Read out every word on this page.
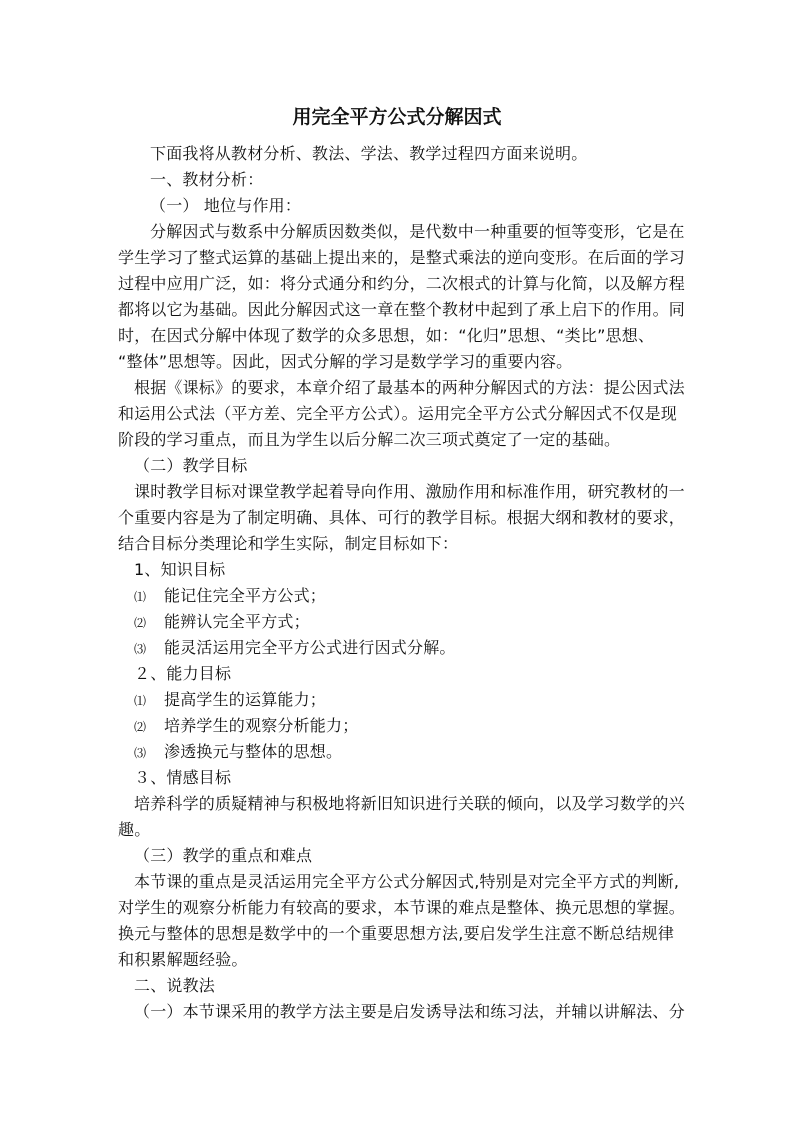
用完全平方公式分解因式
下面我将从教材分析、教法、学法、教学过程四方面来说明。
一、教材分析：
（一） 地位与作用：
分解因式与数系中分解质因数类似，是代数中一种重要的恒等变形，它是在
学生学习了整式运算的基础上提出来的，是整式乘法的逆向变形。在后面的学习
过程中应用广泛，如：将分式通分和约分，二次根式的计算与化简，以及解方程
都将以它为基础。因此分解因式这一章在整个教材中起到了承上启下的作用。同
时，在因式分解中体现了数学的众多思想，如：“化归”思想、“类比”思想、
“整体”思想等。因此，因式分解的学习是数学学习的重要内容。
根据《课标》的要求，本章介绍了最基本的两种分解因式的方法：提公因式法
和运用公式法（平方差、完全平方公式）。运用完全平方公式分解因式不仅是现
阶段的学习重点，而且为学生以后分解二次三项式奠定了一定的基础。
（二）教学目标
课时教学目标对课堂教学起着导向作用、激励作用和标准作用，研究教材的一
个重要内容是为了制定明确、具体、可行的教学目标。根据大纲和教材的要求，
结合目标分类理论和学生实际，制定目标如下：
1、知识目标
⑴ 能记住完全平方公式；
⑵ 能辨认完全平方式；
⑶ 能灵活运用完全平方公式进行因式分解。
２、能力目标
⑴ 提高学生的运算能力；
⑵ 培养学生的观察分析能力；
⑶ 渗透换元与整体的思想。
３、情感目标
培养科学的质疑精神与积极地将新旧知识进行关联的倾向，以及学习数学的兴
趣。
（三）教学的重点和难点
本节课的重点是灵活运用完全平方公式分解因式,特别是对完全平方式的判断,
对学生的观察分析能力有较高的要求，本节课的难点是整体、换元思想的掌握。
换元与整体的思想是数学中的一个重要思想方法,要启发学生注意不断总结规律
和积累解题经验。
二、说教法
（一）本节课采用的教学方法主要是启发诱导法和练习法，并辅以讲解法、分
